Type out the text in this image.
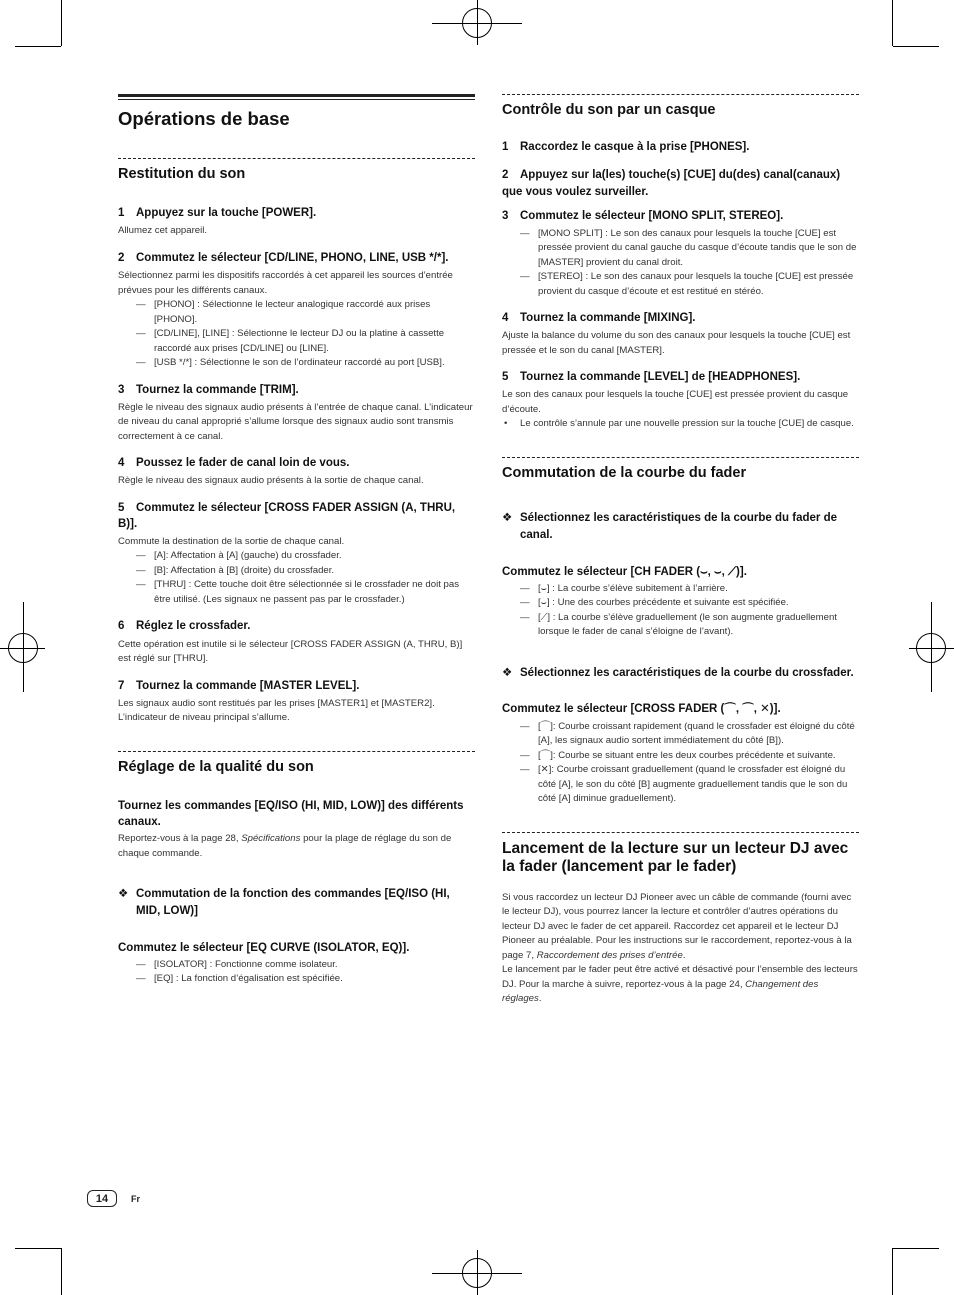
Opérations de base
Restitution du son
1 Appuyez sur la touche [POWER].
Allumez cet appareil.
2 Commutez le sélecteur [CD/LINE, PHONO, LINE, USB */*].
Sélectionnez parmi les dispositifs raccordés à cet appareil les sources d’entrée prévues pour les différents canaux.
— [PHONO] : Sélectionne le lecteur analogique raccordé aux prises [PHONO].
— [CD/LINE], [LINE] : Sélectionne le lecteur DJ ou la platine à cassette raccordé aux prises [CD/LINE] ou [LINE].
— [USB */*] : Sélectionne le son de l’ordinateur raccordé au port [USB].
3 Tournez la commande [TRIM].
Règle le niveau des signaux audio présents à l’entrée de chaque canal. L’indicateur de niveau du canal approprié s’allume lorsque des signaux audio sont transmis correctement à ce canal.
4 Poussez le fader de canal loin de vous.
Règle le niveau des signaux audio présents à la sortie de chaque canal.
5 Commutez le sélecteur [CROSS FADER ASSIGN (A, THRU, B)].
Commute la destination de la sortie de chaque canal.
— [A]: Affectation à [A] (gauche) du crossfader.
— [B]: Affectation à [B] (droite) du crossfader.
— [THRU] : Cette touche doit être sélectionnée si le crossfader ne doit pas être utilisé. (Les signaux ne passent pas par le crossfader.)
6 Réglez le crossfader.
Cette opération est inutile si le sélecteur [CROSS FADER ASSIGN (A, THRU, B)] est réglé sur [THRU].
7 Tournez la commande [MASTER LEVEL].
Les signaux audio sont restitués par les prises [MASTER1] et [MASTER2].
L’indicateur de niveau principal s’allume.
Réglage de la qualité du son
Tournez les commandes [EQ/ISO (HI, MID, LOW)] des différents canaux.
Reportez-vous à la page 28, Spécifications pour la plage de réglage du son de chaque commande.
❖ Commutation de la fonction des commandes [EQ/ISO (HI, MID, LOW)]
Commutez le sélecteur [EQ CURVE (ISOLATOR, EQ)].
— [ISOLATOR] : Fonctionne comme isolateur.
— [EQ] : La fonction d’égalisation est spécifiée.
Contrôle du son par un casque
1 Raccordez le casque à la prise [PHONES].
2 Appuyez sur la(les) touche(s) [CUE] du(des) canal(canaux) que vous voulez surveiller.
3 Commutez le sélecteur [MONO SPLIT, STEREO].
— [MONO SPLIT] : Le son des canaux pour lesquels la touche [CUE] est pressée provient du canal gauche du casque d’écoute tandis que le son de [MASTER] provient du canal droit.
— [STEREO] : Le son des canaux pour lesquels la touche [CUE] est pressée provient du casque d’écoute et est restitué en stéréo.
4 Tournez la commande [MIXING].
Ajuste la balance du volume du son des canaux pour lesquels la touche [CUE] est pressée et le son du canal [MASTER].
5 Tournez la commande [LEVEL] de [HEADPHONES].
Le son des canaux pour lesquels la touche [CUE] est pressée provient du casque d’écoute.
• Le contrôle s’annule par une nouvelle pression sur la touche [CUE] de casque.
Commutation de la courbe du fader
❖ Sélectionnez les caractéristiques de la courbe du fader de canal.
Commutez le sélecteur [CH FADER (⌣, ⌣, ⟋)].
— [⌣] : La courbe s’élève subitement à l’arrière.
— [⌣] : Une des courbes précédente et suivante est spécifiée.
— [⟋] : La courbe s’élève graduellement (le son augmente graduellement lorsque le fader de canal s’éloigne de l’avant).
❖ Sélectionnez les caractéristiques de la courbe du crossfader.
Commutez le sélecteur [CROSS FADER (⌒, ⌒, ✕)].
— [⌒]: Courbe croissant rapidement (quand le crossfader est éloigné du côté [A], les signaux audio sortent immédiatement du côté [B]).
— [⌒]: Courbe se situant entre les deux courbes précédente et suivante.
— [✕]: Courbe croissant graduellement (quand le crossfader est éloigné du côté [A], le son du côté [B] augmente graduellement tandis que le son du côté [A] diminue graduellement).
Lancement de la lecture sur un lecteur DJ avec la fader (lancement par le fader)
Si vous raccordez un lecteur DJ Pioneer avec un câble de commande (fourni avec le lecteur DJ), vous pourrez lancer la lecture et contrôler d’autres opérations du lecteur DJ avec le fader de cet appareil. Raccordez cet appareil et le lecteur DJ Pioneer au préalable. Pour les instructions sur le raccordement, reportez-vous à la page 7, Raccordement des prises d’entrée.
Le lancement par le fader peut être activé et désactivé pour l’ensemble des lecteurs DJ. Pour la marche à suivre, reportez-vous à la page 24, Changement des réglages.
14	Fr
